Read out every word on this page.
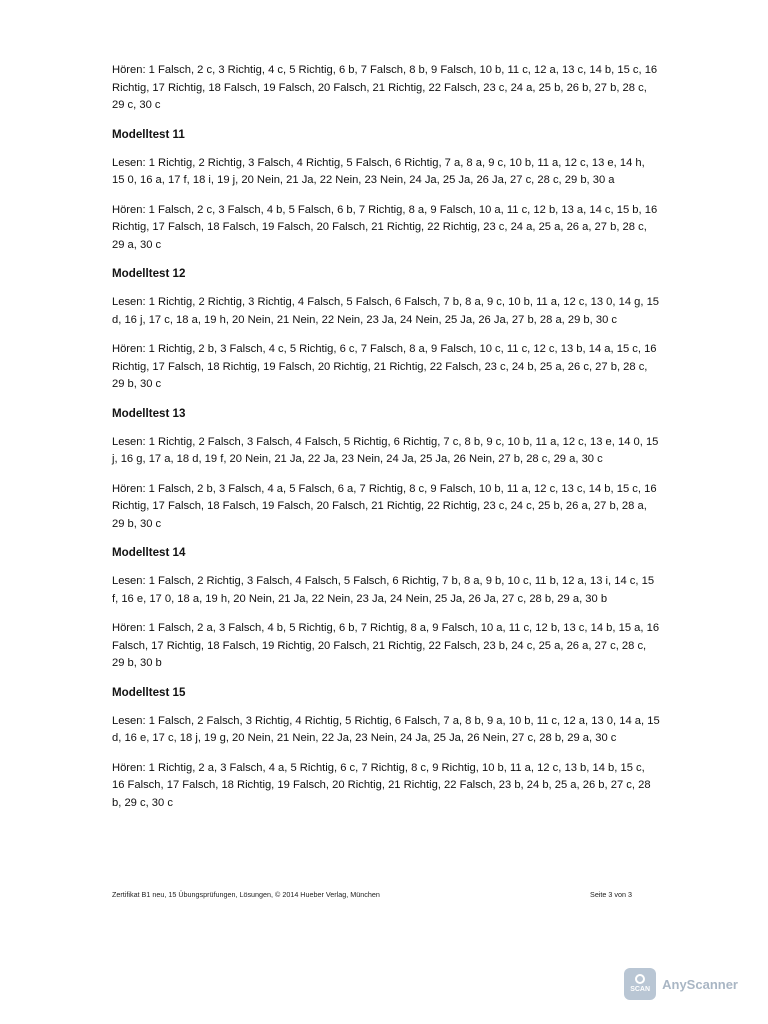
Hören: 1 Falsch, 2 c, 3 Richtig, 4 c, 5 Richtig, 6 b, 7 Falsch, 8 b, 9 Falsch, 10 b, 11 c, 12 a, 13 c, 14 b, 15 c, 16 Richtig, 17 Richtig, 18 Falsch, 19 Falsch, 20 Falsch, 21 Richtig, 22 Falsch, 23 c, 24 a, 25 b, 26 b, 27 b, 28 c, 29 c, 30 c

Modelltest 11

Lesen: 1 Richtig, 2 Richtig, 3 Falsch, 4 Richtig, 5 Falsch, 6 Richtig, 7 a, 8 a, 9 c, 10 b, 11 a, 12 c, 13 e, 14 h, 15 0, 16 a, 17 f, 18 i, 19 j, 20 Nein, 21 Ja, 22 Nein, 23 Nein, 24 Ja, 25 Ja, 26 Ja, 27 c, 28 c, 29 b, 30 a

Hören: 1 Falsch, 2 c, 3 Falsch, 4 b, 5 Falsch, 6 b, 7 Richtig, 8 a, 9 Falsch, 10 a, 11 c, 12 b, 13 a, 14 c, 15 b, 16 Richtig, 17 Falsch, 18 Falsch, 19 Falsch, 20 Falsch, 21 Richtig, 22 Richtig, 23 c, 24 a, 25 a, 26 a, 27 b, 28 c, 29 a, 30 c

Modelltest 12

Lesen: 1 Richtig, 2 Richtig, 3 Richtig, 4 Falsch, 5 Falsch, 6 Falsch, 7 b, 8 a, 9 c, 10 b, 11 a, 12 c, 13 0, 14 g, 15 d, 16 j, 17 c, 18 a, 19 h, 20 Nein, 21 Nein, 22 Nein, 23 Ja, 24 Nein, 25 Ja, 26 Ja, 27 b, 28 a, 29 b, 30 c

Hören: 1 Richtig, 2 b, 3 Falsch, 4 c, 5 Richtig, 6 c, 7 Falsch, 8 a, 9 Falsch, 10 c, 11 c, 12 c, 13 b, 14 a, 15 c, 16 Richtig, 17 Falsch, 18 Richtig, 19 Falsch, 20 Richtig, 21 Richtig, 22 Falsch, 23 c, 24 b, 25 a, 26 c, 27 b, 28 c, 29 b, 30 c

Modelltest 13

Lesen: 1 Richtig, 2 Falsch, 3 Falsch, 4 Falsch, 5 Richtig, 6 Richtig, 7 c, 8 b, 9 c, 10 b, 11 a, 12 c, 13 e, 14 0, 15 j, 16 g, 17 a, 18 d, 19 f, 20 Nein, 21 Ja, 22 Ja, 23 Nein, 24 Ja, 25 Ja, 26 Nein, 27 b, 28 c, 29 a, 30 c

Hören: 1 Falsch, 2 b, 3 Falsch, 4 a, 5 Falsch, 6 a, 7 Richtig, 8 c, 9 Falsch, 10 b, 11 a, 12 c, 13 c, 14 b, 15 c, 16 Richtig, 17 Falsch, 18 Falsch, 19 Falsch, 20 Falsch, 21 Richtig, 22 Richtig, 23 c, 24 c, 25 b, 26 a, 27 b, 28 a, 29 b, 30 c

Modelltest 14

Lesen: 1 Falsch, 2 Richtig, 3 Falsch, 4 Falsch, 5 Falsch, 6 Richtig, 7 b, 8 a, 9 b, 10 c, 11 b, 12 a, 13 i, 14 c, 15 f, 16 e, 17 0, 18 a, 19 h, 20 Nein, 21 Ja, 22 Nein, 23 Ja, 24 Nein, 25 Ja, 26 Ja, 27 c, 28 b, 29 a, 30 b

Hören: 1 Falsch, 2 a, 3 Falsch, 4 b, 5 Richtig, 6 b, 7 Richtig, 8 a, 9 Falsch, 10 a, 11 c, 12 b, 13 c, 14 b, 15 a, 16 Falsch, 17 Richtig, 18 Falsch, 19 Richtig, 20 Falsch, 21 Richtig, 22 Falsch, 23 b, 24 c, 25 a, 26 a, 27 c, 28 c, 29 b, 30 b

Modelltest 15

Lesen: 1 Falsch, 2 Falsch, 3 Richtig, 4 Richtig, 5 Richtig, 6 Falsch, 7 a, 8 b, 9 a, 10 b, 11 c, 12 a, 13 0, 14 a, 15 d, 16 e, 17 c, 18 j, 19 g, 20 Nein, 21 Nein, 22 Ja, 23 Nein, 24 Ja, 25 Ja, 26 Nein, 27 c, 28 b, 29 a, 30 c

Hören: 1 Richtig, 2 a, 3 Falsch, 4 a, 5 Richtig, 6 c, 7 Richtig, 8 c, 9 Richtig, 10 b, 11 a, 12 c, 13 b, 14 b, 15 c, 16 Falsch, 17 Falsch, 18 Richtig, 19 Falsch, 20 Richtig, 21 Richtig, 22 Falsch, 23 b, 24 b, 25 a, 26 b, 27 c, 28 b, 29 c, 30 c

Zertifikat B1 neu, 15 Übungsprüfungen, Lösungen, © 2014 Hueber Verlag, München	Seite 3 von 3
SCAN AnyScanner
